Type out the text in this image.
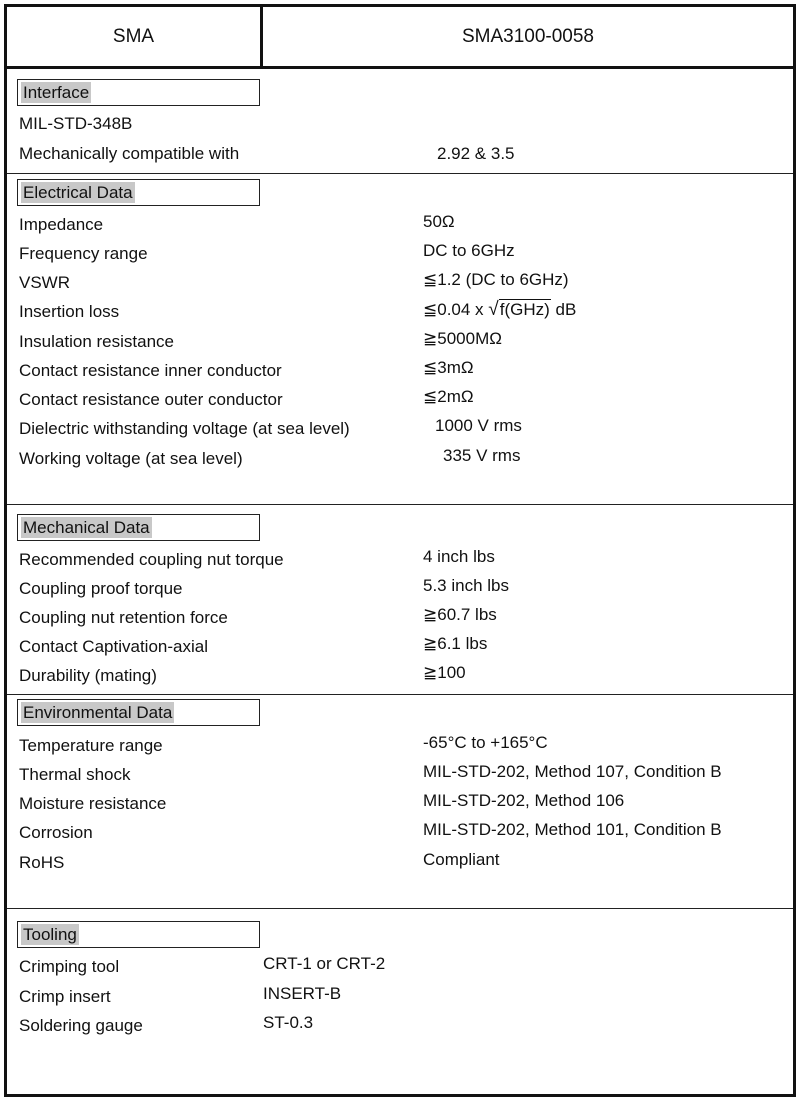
SMA	SMA3100-0058
Interface
MIL-STD-348B
Mechanically compatible with	2.92 & 3.5
Electrical Data
Impedance	50Ω
Frequency range	DC to 6GHz
VSWR	≦1.2 (DC to 6GHz)
Insertion loss	≦0.04 x √f(GHz) dB
Insulation resistance	≧5000MΩ
Contact resistance inner conductor	≦3mΩ
Contact resistance outer conductor	≦2mΩ
Dielectric withstanding voltage (at sea level)	1000 V rms
Working voltage (at sea level)	335 V rms
Mechanical Data
Recommended coupling nut torque	4 inch lbs
Coupling proof torque	5.3 inch lbs
Coupling nut retention force	≧60.7 lbs
Contact Captivation-axial	≧6.1 lbs
Durability (mating)	≧100
Environmental Data
Temperature range	-65°C to +165°C
Thermal shock	MIL-STD-202, Method 107, Condition B
Moisture resistance	MIL-STD-202, Method 106
Corrosion	MIL-STD-202, Method 101, Condition B
RoHS	Compliant
Tooling
Crimping tool	CRT-1 or CRT-2
Crimp insert	INSERT-B
Soldering gauge	ST-0.3
